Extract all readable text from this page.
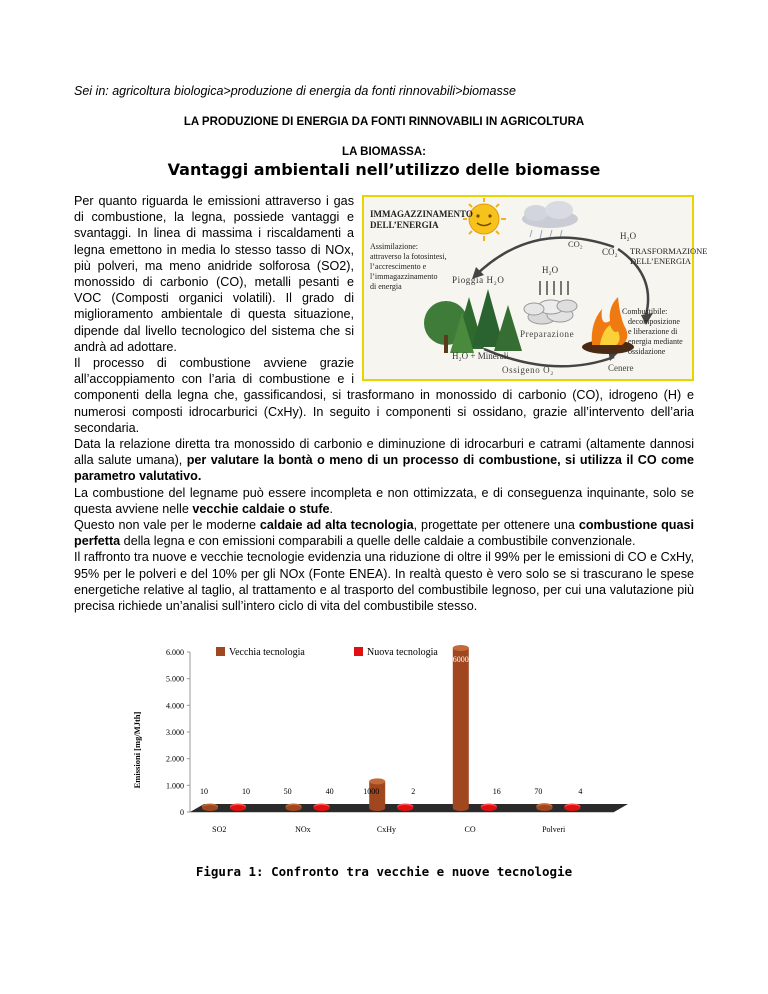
Sei in: agricoltura biologica>produzione di energia da fonti rinnovabili>biomasse
LA PRODUZIONE DI ENERGIA DA FONTI RINNOVABILI IN AGRICOLTURA
LA BIOMASSA:
Vantaggi ambientali nell’utilizzo delle biomasse
IMMAGAZZINAMENTO
DELL’ENERGIA
Assimilazione:
attraverso la fotosintesi,
l’accrescimento e
l’immagazzinamento
di energia
Pioggia H₂O
CO₂
H₂O
CO₂ TRASFORMAZIONE
DELL’ENERGIA
H₂O
Combustibile:
decomposizione
e liberazione di
energia mediante
ossidazione
Preparazione
H₂O + Minerali
Ossigeno O₂	Cenere

Per quanto riguarda le emissioni attraverso i gas di combustione, la legna, possiede vantaggi e svantaggi. In linea di massima i riscaldamenti a legna emettono in media lo stesso tasso di NOx, più polveri, ma meno anidride solforosa (SO2), monossido di carbonio (CO), metalli pesanti e VOC (Composti organici volatili). Il grado di miglioramento ambientale di questa situazione, dipende dal livello tecnologico del sistema che si andrà ad adottare.

Il processo di combustione avviene grazie all’accoppiamento con l’aria di combustione e i componenti della legna che, gassificandosi, si trasformano in monossido di carbonio (CO), idrogeno (H) e numerosi composti idrocarburici (CxHy). In seguito i componenti si ossidano, grazie all’intervento dell’aria secondaria.

Data la relazione diretta tra monossido di carbonio e diminuzione di idrocarburi e catrami (altamente dannosi alla salute umana), per valutare la bontà o meno di un processo di combustione, si utilizza il CO come parametro valutativo.

La combustione del legname può essere incompleta e non ottimizzata, e di conseguenza inquinante, solo se questa avviene nelle vecchie caldaie o stufe.

Questo non vale per le moderne caldaie ad alta tecnologia, progettate per ottenere una combustione quasi perfetta della legna e con emissioni comparabili a quelle delle caldaie a combustibile convenzionale.

Il raffronto tra nuove e vecchie tecnologie evidenzia una riduzione di oltre il 99% per le emissioni di CO e CxHy, 95% per le polveri e del 10% per gli NOx (Fonte ENEA). In realtà questo è vero solo se si trascurano le spese energetiche relative al taglio, al trattamento e al trasporto del combustibile legnoso, per cui una valutazione più precisa richiede un’analisi sull’intero ciclo di vita del combustibile stesso.

0
1.000
2.000
3.000
4.000
5.000
6.000
10	10	50	40	1000	2
6000
16	70	4
SO2	NOx	CxHy	CO	Polveri
Vecchia tecnologia	Nuova tecnologia
Emissioni [mg/MJth]
Figura 1: Confronto tra vecchie e nuove tecnologie
